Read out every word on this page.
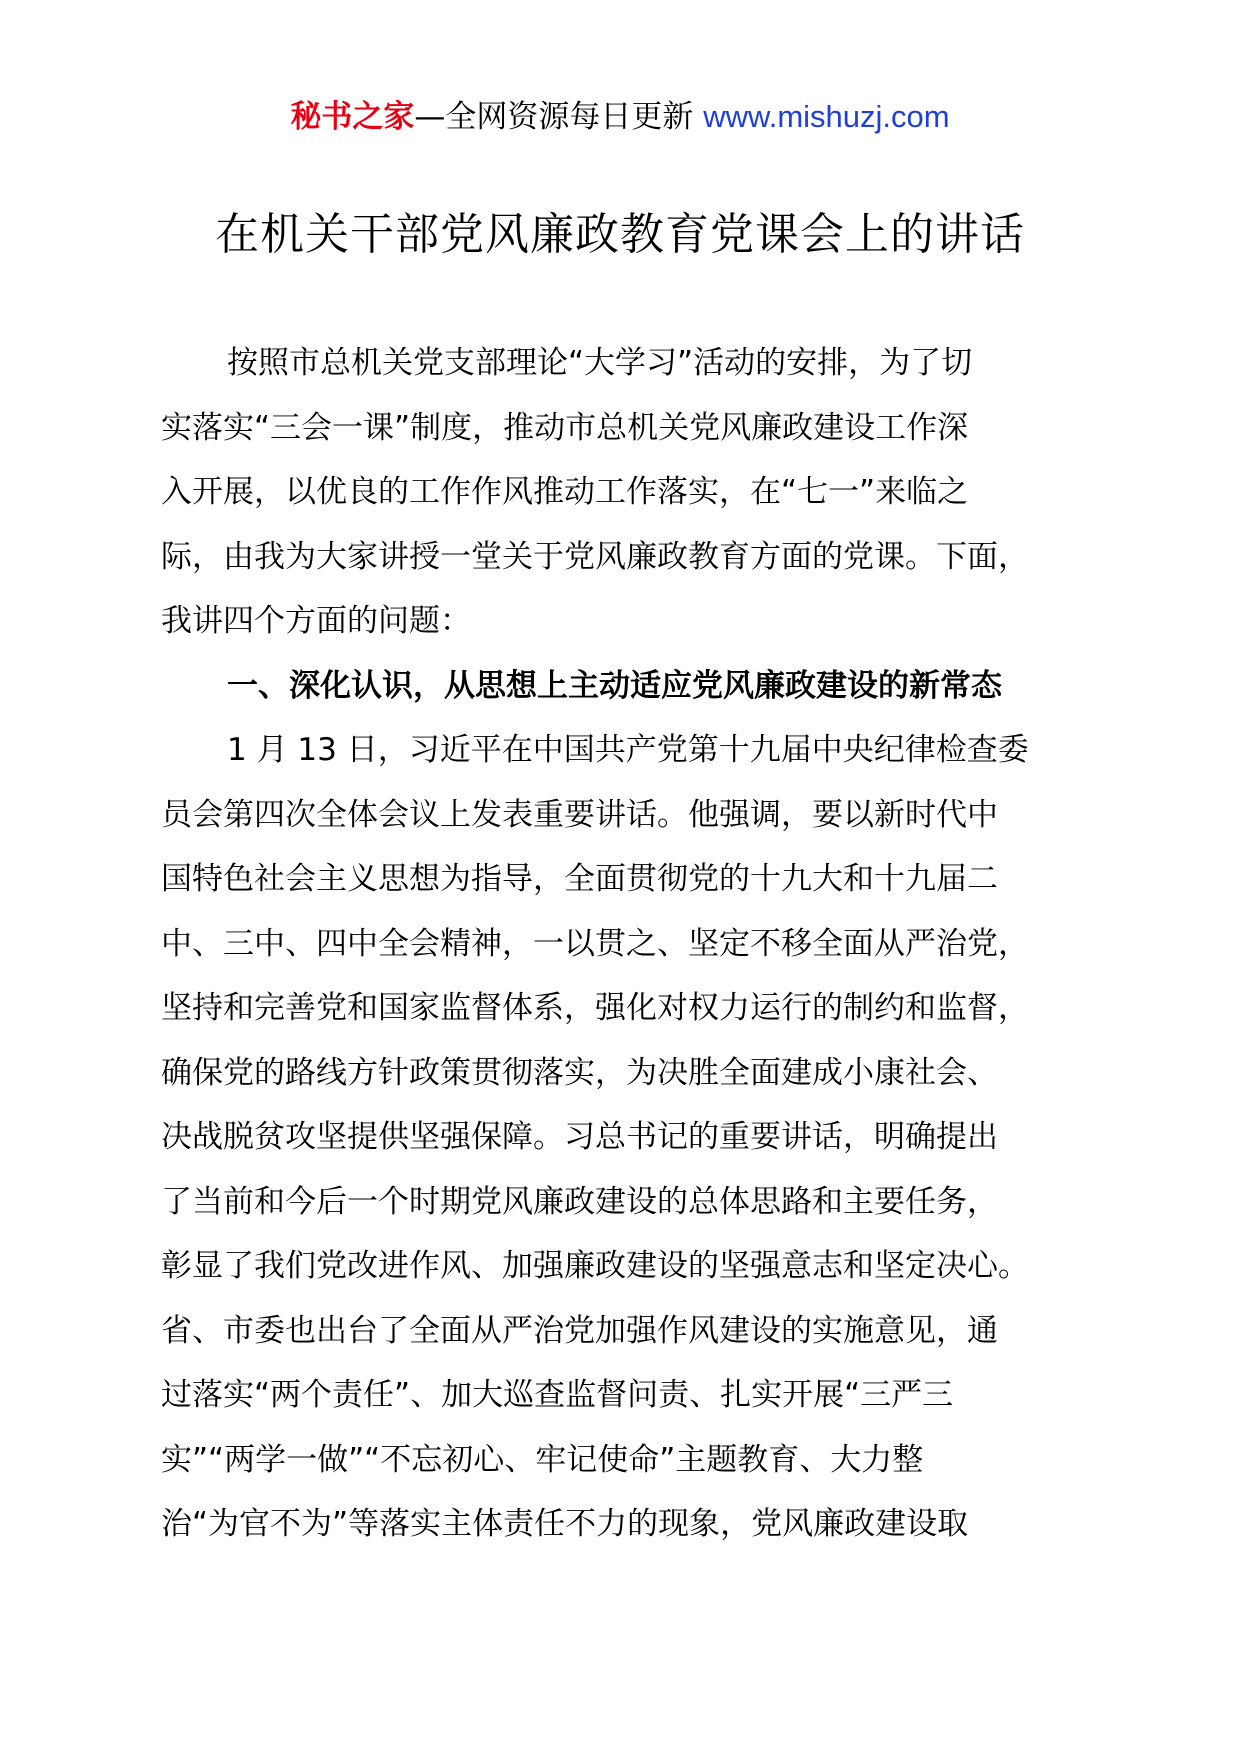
秘书之家—全网资源每日更新 www.mishuzj.com
在机关干部党风廉政教育党课会上的讲话
按照市总机关党支部理论“大学习”活动的安排，为了切
实落实“三会一课”制度，推动市总机关党风廉政建设工作深
入开展，以优良的工作作风推动工作落实，在“七一”来临之
际，由我为大家讲授一堂关于党风廉政教育方面的党课。下面，
我讲四个方面的问题：
一、深化认识，从思想上主动适应党风廉政建设的新常态
1 月 13 日，习近平在中国共产党第十九届中央纪律检查委
员会第四次全体会议上发表重要讲话。他强调，要以新时代中
国特色社会主义思想为指导，全面贯彻党的十九大和十九届二
中、三中、四中全会精神，一以贯之、坚定不移全面从严治党，
坚持和完善党和国家监督体系，强化对权力运行的制约和监督，
确保党的路线方针政策贯彻落实，为决胜全面建成小康社会、
决战脱贫攻坚提供坚强保障。习总书记的重要讲话，明确提出
了当前和今后一个时期党风廉政建设的总体思路和主要任务，
彰显了我们党改进作风、加强廉政建设的坚强意志和坚定决心。
省、市委也出台了全面从严治党加强作风建设的实施意见，通
过落实“两个责任”、加大巡查监督问责、扎实开展“三严三
实”“两学一做”“不忘初心、牢记使命”主题教育、大力整
治“为官不为”等落实主体责任不力的现象，党风廉政建设取
